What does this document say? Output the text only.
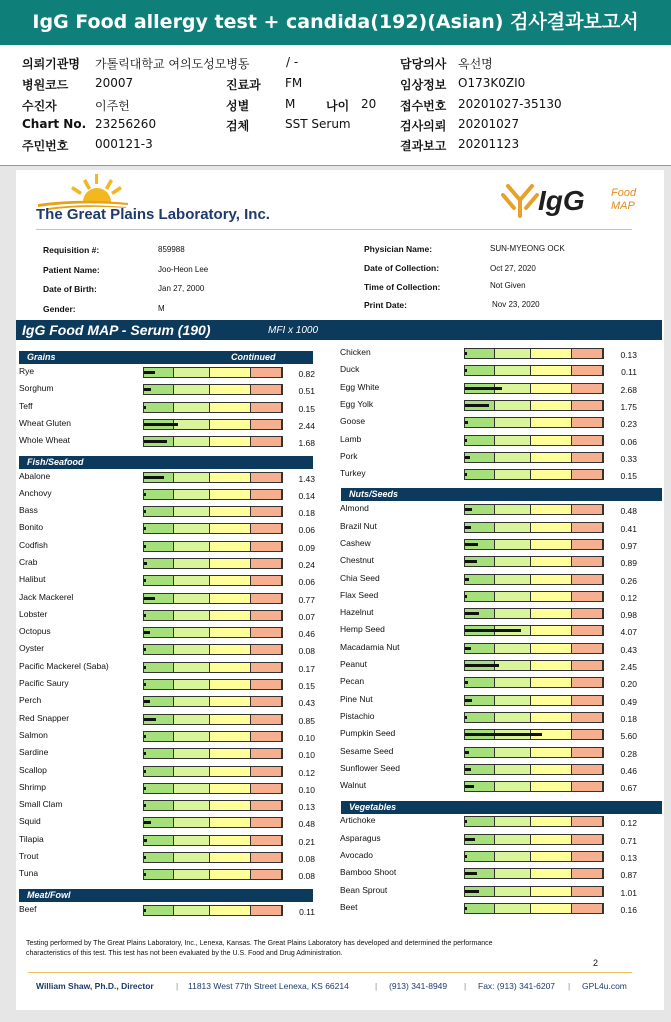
IgG Food allergy test + candida(192)(Asian) 검사결과보고서
의뢰기관명 가톨릭대학교 여의도성모병동	/ -	담당의사 옥선명
병원코드 20007	진료과 FM	임상정보 O173K0ZI0
수진자	이주헌	성별	M	나이 20 접수번호 20201027-35130
Chart No. 23256260	검체	SST Serum	검사의뢰 20201027
주민번호 000121-3	결과보고 20201123
The Great Plains Laboratory, Inc.	IgG Food
MAP
Requisition #:	859988
Patient Name:	Joo-Heon Lee
Date of Birth:	Jan 27, 2000
Gender:	M
Physician Name:	SUN-MYEONG OCK
Date of Collection:	Oct 27, 2020
Time of Collection:	Not Given
Print Date:	Nov 23, 2020
IgG Food MAP - Serum (190)	MFI x 1000
Grains	Continued
Rye	0.82
Sorghum	0.51
Teff	0.15
Wheat Gluten	2.44
Whole Wheat	1.68
Fish/Seafood
Abalone	1.43
Anchovy	0.14
Bass	0.18
Bonito	0.06
Codfish	0.09
Crab	0.24
Halibut	0.06
Jack Mackerel	0.77
Lobster	0.07
Octopus	0.46
Oyster	0.08
Pacific Mackerel (Saba)	0.17
Pacific Saury	0.15
Perch	0.43
Red Snapper	0.85
Salmon	0.10
Sardine	0.10
Scallop	0.12
Shrimp	0.10
Small Clam	0.13
Squid	0.48
Tilapia	0.21
Trout	0.08
Tuna	0.08
Meat/Fowl
Beef	0.11
Chicken	0.13
Duck	0.11
Egg White	2.68
Egg Yolk	1.75
Goose	0.23
Lamb	0.06
Pork	0.33
Turkey	0.15
Nuts/Seeds
Almond	0.48
Brazil Nut	0.41
Cashew	0.97
Chestnut	0.89
Chia Seed	0.26
Flax Seed	0.12
Hazelnut	0.98
Hemp Seed	4.07
Macadamia Nut	0.43
Peanut	2.45
Pecan	0.20
Pine Nut	0.49
Pistachio	0.18
Pumpkin Seed	5.60
Sesame Seed	0.28
Sunflower Seed	0.46
Walnut	0.67
Vegetables
Artichoke	0.12
Asparagus	0.71
Avocado	0.13
Bamboo Shoot	0.87
Bean Sprout	1.01
Beet	0.16
Testing performed by The Great Plains Laboratory, Inc., Lenexa, Kansas. The Great Plains Laboratory has developed and determined the performance
characteristics of this test. This test has not been evaluated by the U.S. Food and Drug Administration.
2
William Shaw, Ph.D., Director	| 11813 West 77th Street Lenexa, KS 66214	| (913) 341-8949 | Fax: (913) 341-6207 | GPL4u.com
